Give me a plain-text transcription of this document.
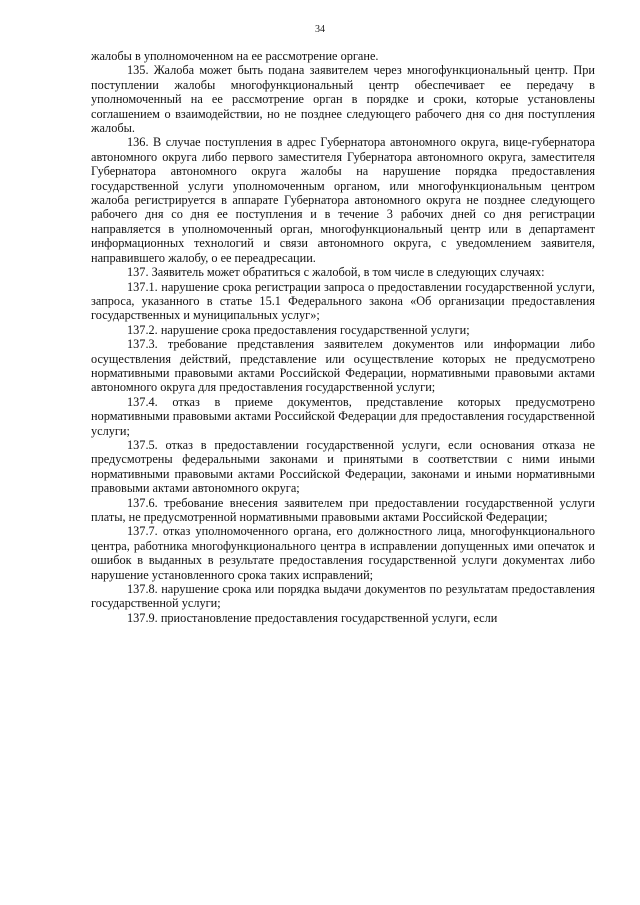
34

жалобы в уполномоченном на ее рассмотрение органе.

135. Жалоба может быть подана заявителем через многофункциональный центр. При поступлении жалобы многофункциональный центр обеспечивает ее передачу в уполномоченный на ее рассмотрение орган в порядке и сроки, которые установлены соглашением о взаимодействии, но не позднее следующего рабочего дня со дня поступления жалобы.

136. В случае поступления в адрес Губернатора автономного округа, вице-губернатора автономного округа либо первого заместителя Губернатора автономного округа, заместителя Губернатора автономного округа жалобы на нарушение порядка предоставления государственной услуги уполномоченным органом, или многофункциональным центром жалоба регистрируется в аппарате Губернатора автономного округа не позднее следующего рабочего дня со дня ее поступления и в течение 3 рабочих дней со дня регистрации направляется в уполномоченный орган, многофункциональный центр или в департамент информационных технологий и связи автономного округа, с уведомлением заявителя, направившего жалобу, о ее переадресации.

137. Заявитель может обратиться с жалобой, в том числе в следующих случаях:

137.1. нарушение срока регистрации запроса о предоставлении государственной услуги, запроса, указанного в статье 15.1 Федерального закона «Об организации предоставления государственных и муниципальных услуг»;

137.2. нарушение срока предоставления государственной услуги;

137.3. требование представления заявителем документов или информации либо осуществления действий, представление или осуществление которых не предусмотрено нормативными правовыми актами Российской Федерации, нормативными правовыми актами автономного округа для предоставления государственной услуги;

137.4. отказ в приеме документов, представление которых предусмотрено нормативными правовыми актами Российской Федерации для предоставления государственной услуги;

137.5. отказ в предоставлении государственной услуги, если основания отказа не предусмотрены федеральными законами и принятыми в соответствии с ними иными нормативными правовыми актами Российской Федерации, законами и иными нормативными правовыми актами автономного округа;

137.6. требование внесения заявителем при предоставлении государственной услуги платы, не предусмотренной нормативными правовыми актами Российской Федерации;

137.7. отказ уполномоченного органа, его должностного лица, многофункционального центра, работника многофункционального центра в исправлении допущенных ими опечаток и ошибок в выданных в результате предоставления государственной услуги документах либо нарушение установленного срока таких исправлений;

137.8. нарушение срока или порядка выдачи документов по результатам предоставления государственной услуги;

137.9. приостановление предоставления государственной услуги, если
